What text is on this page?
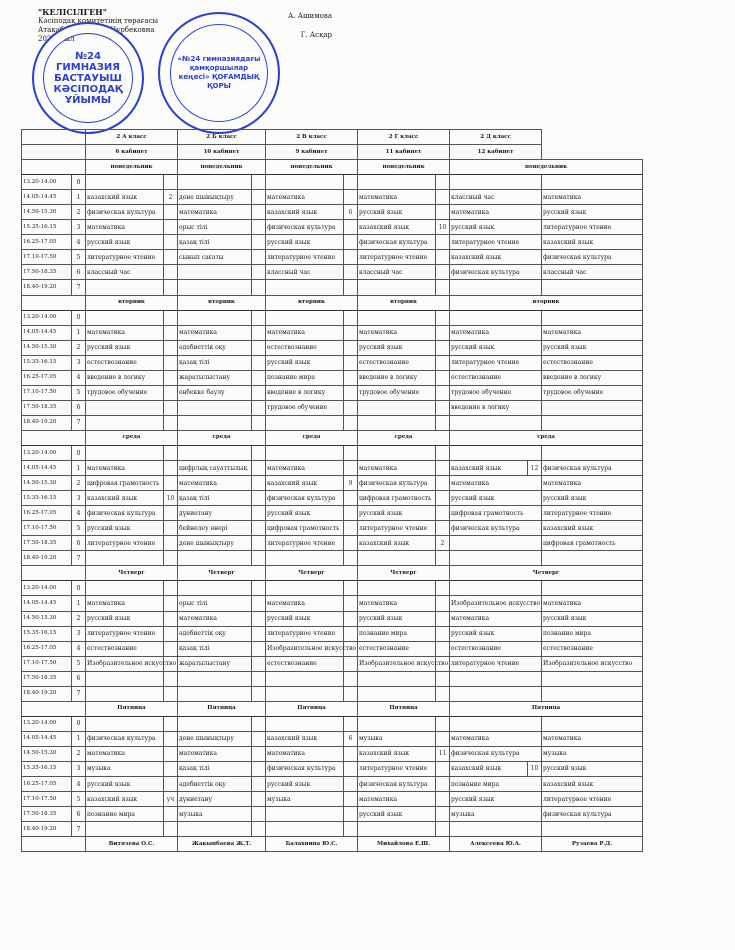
"КЕЛІСІЛГЕН"
Кәсіподақ комитетінің төрағасы
Атакабаева Назым Нурбековна
2023 жыл
А. Ашимова
Г. Асқар
№24 ГИМНАЗИЯ БАСТАУЫШ КӘСІПОДАҚ ҰЙЫМЫ
«№24 гимназиядағы қамқоршылар кеңесі» ҚОҒАМДЫҚ ҚОРЫ
		2 А класс		2 Б класс		2 В класс		2 Г класс		2 Д класс		
		6 кабинет		10 кабинет		9 кабинет		11 кабинет		12 кабинет		
		понедельник		понедельник		понедельник		понедельник		понедельник		
13.20-14.00	0											
14.05-14.45	1	казахский язык	2	дене шынықтыру		математика		математика		классный час		математика
14.50-15.30	2	физическая культура		математика		казахский язык	6	русский язык		математика		русский язык
15.35-16.15	3	математика		орыс тілі		физическая культура		казахский язык	10	русский язык		литературное чтение
16.25-17.05	4	русский язык		қазақ тілі		русский язык		физическая культура		литературное чтение		казахский язык
17.10-17.50	5	литературное чтение		сынып сағаты		литературное чтение		литературное чтение		казахский язык		физическая культура
17.50-18.35	6	классный час				классный час		классный час		физическая культура		классный час
18.40-19.20	7											
		вторник		вторник		вторник		вторник		вторник		
13.20-14.00	0											
14.05-14.45	1	математика		математика		математика		математика		математика		математика
14.50-15.30	2	русский язык		әдебиеттік оқу		естествознание		русский язык		русский язык		русский язык
15.35-16.15	3	естествознание		қазақ тілі		русский язык		естествознание		литературное чтение		естествознание
16.25-17.05	4	введение в логику		жаратылыстану		познание мира		введение в логику		естествознание		введение в логику
17.10-17.50	5	трудовое обучение		еңбекке баулу		введение в логику		трудовое обучение		трудовое обучение		трудовое обучение
17.50-18.35	6					трудовое обучение				введение в логику		
18.40-19.20	7											
		среда		среда		среда		среда		среда		
13.20-14.00	0											
14.05-14.45	1	математика		цифрлық сауаттылық		математика		математика		казахский язык	12	физическая культура
14.50-15.30	2	цифровая грамотность		математика		казахский язык	9	физическая культура		математика		математика
15.35-16.15	3	казахский язык	10	қазақ тілі		физическая культура		цифровая грамотность		русский язык		русский язык
16.25-17.05	4	физическая культура		дүниетану		русский язык		русский язык		цифровая грамотность		литературное чтение
17.10-17.50	5	русский язык		бейнелеу өнері		цифровая грамотность		литературное чтение		физическая культура		казахский язык
17.50-18.35	6	литературное чтение		дене шынықтыру		литературное чтение		казахский язык	2			цифровая грамотность
18.40-19.20	7											
		Четверг		Четверг		Четверг		Четверг		Четверг		
13.20-14.00	0											
14.05-14.45	1	математика		орыс тілі		математика		математика		Изобразительное искусство		математика
14.50-15.30	2	русский язык		математика		русский язык		русский язык		математика		русский язык
15.35-16.15	3	литературное чтение		әдебиеттік оқу		литературное чтение		познание мира		русский язык		познание мира
16.25-17.05	4	естествознание		қазақ тілі		Изобразительное искусство		естествознание		естествознание		естествознание
17.10-17.50	5	Изобразительное искусство		жаратылыстану		естествознание		Изобразительное искусство		литературное чтение		Изобразительное искусство
17.50-18.35	6											
18.40-19.20	7											
		Пятница		Пятница		Пятница		Пятница		Пятница		
13.20-14.00	0											
14.05-14.45	1	физическая культура		дене шынықтыру		казахский язык	6	музыка		математика		математика
14.50-15.30	2	математика		математика		математика		казахский язык	11	физическая культура		музыка
15.35-16.15	3	музыка		қазақ тілі		физическая культура		литературное чтение		казахский язык	10	русский язык
16.25-17.05	4	русский язык		әдебиеттік оқу		русский язык		физическая культура		познание мира		казахский язык
17.10-17.50	5	казахский язык	уч	дүниетану		музыка		математика		русский язык		литературное чтение
17.50-18.35	6	познание мира		музыка				русский язык		музыка		физическая культура
18.40-19.20	7											
		Витязева О.С.		Жакыпбаева Ж.Т.		Балахнина Ю.С.		Михайлова Е.Ш.		Алексеева Ю.А.		Рузаева Р.Д.
